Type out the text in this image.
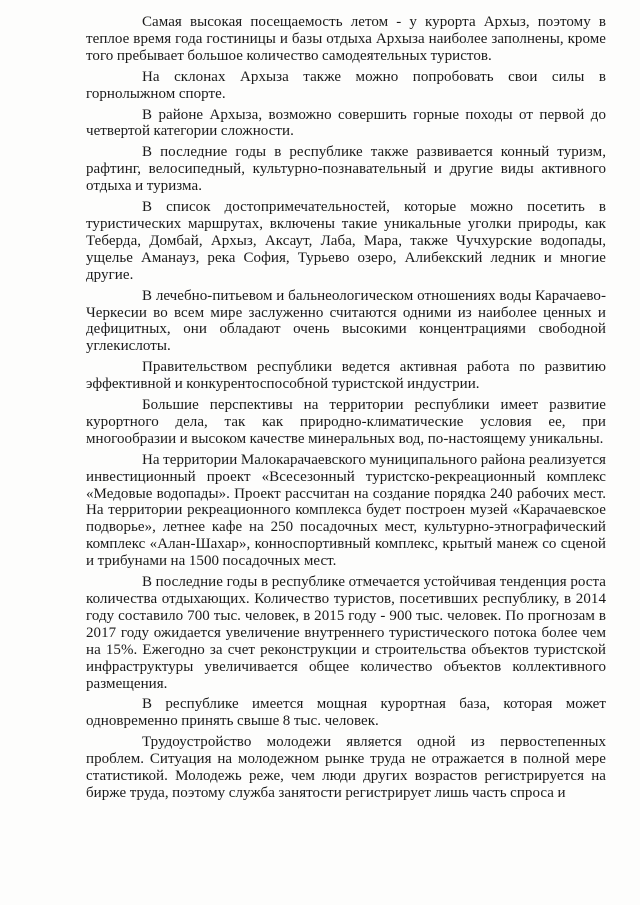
Самая высокая посещаемость летом - у курорта Архыз, поэтому в теплое время года гостиницы и базы отдыха Архыза наиболее заполнены, кроме того пребывает большое количество самодеятельных туристов.

На склонах Архыза также можно попробовать свои силы в горнолыжном спорте.

В районе Архыза, возможно совершить горные походы от первой до четвертой категории сложности.

В последние годы в республике также развивается конный туризм, рафтинг, велосипедный, культурно-познавательный и другие виды активного отдыха и туризма.

В список достопримечательностей, которые можно посетить в туристических маршрутах, включены такие уникальные уголки природы, как Теберда, Домбай, Архыз, Аксаут, Лаба, Мара, также Чучхурские водопады, ущелье Аманауз, река София, Турьево озеро, Алибекский ледник и многие другие.

В лечебно-питьевом и бальнеологическом отношениях воды Карачаево-Черкесии во всем мире заслуженно считаются одними из наиболее ценных и дефицитных, они обладают очень высокими концентрациями свободной углекислоты.

Правительством республики ведется активная работа по развитию эффективной и конкурентоспособной туристской индустрии.

Большие перспективы на территории республики имеет развитие курортного дела, так как природно-климатические условия ее, при многообразии и высоком качестве минеральных вод, по-настоящему уникальны.

На территории Малокарачаевского муниципального района реализуется инвестиционный проект «Всесезонный туристско-рекреационный комплекс «Медовые водопады». Проект рассчитан на создание порядка 240 рабочих мест. На территории рекреационного комплекса будет построен музей «Карачаевское подворье», летнее кафе на 250 посадочных мест, культурно-этнографический комплекс «Алан-Шахар», конноспортивный комплекс, крытый манеж со сценой и трибунами на 1500 посадочных мест.

В последние годы в республике отмечается устойчивая тенденция роста количества отдыхающих. Количество туристов, посетивших республику, в 2014 году составило 700 тыс. человек, в 2015 году - 900 тыс. человек. По прогнозам в 2017 году ожидается увеличение внутреннего туристического потока более чем на 15%. Ежегодно за счет реконструкции и строительства объектов туристской инфраструктуры увеличивается общее количество объектов коллективного размещения.

В республике имеется мощная курортная база, которая может одновременно принять свыше 8 тыс. человек.

Трудоустройство молодежи является одной из первостепенных проблем. Ситуация на молодежном рынке труда не отражается в полной мере статистикой. Молодежь реже, чем люди других возрастов регистрируется на бирже труда, поэтому служба занятости регистрирует лишь часть спроса и
